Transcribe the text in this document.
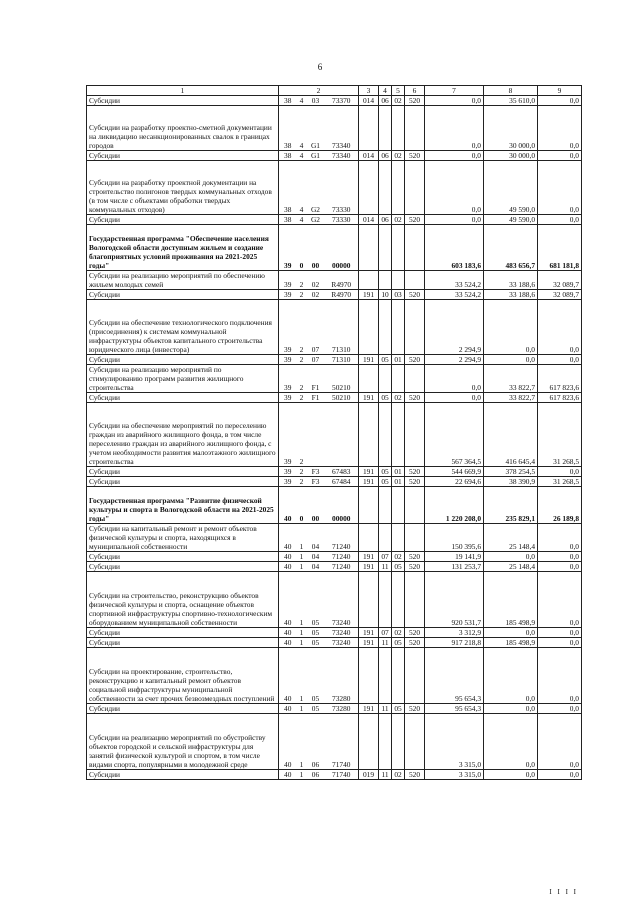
6
1	2				3	4	5	6	7	8	9
Субсидии	38	4	03	73370	014	06	02	520	0,0	35 610,0	0,0
Субсидии на разработку проектно-сметной документации на ликвидацию несанкционированных свалок в границах городов	38	4	G1	73340					0,0	30 000,0	0,0
Субсидии	38	4	G1	73340	014	06	02	520	0,0	30 000,0	0,0
Субсидии на разработку проектной документации на строительство полигонов твердых коммунальных отходов (в том числе с объектами обработки твердых коммунальных отходов)	38	4	G2	73330					0,0	49 590,0	0,0
Субсидии	38	4	G2	73330	014	06	02	520	0,0	49 590,0	0,0
Государственная программа "Обеспечение населения Вологодской области доступным жильем и создание благоприятных условий проживания на 2021-2025 годы"	39	0	00	00000					603 183,6	483 656,7	681 181,8
Субсидии на реализацию мероприятий по обеспечению жильем молодых семей	39	2	02	R4970					33 524,2	33 188,6	32 089,7
Субсидии	39	2	02	R4970	191	10	03	520	33 524,2	33 188,6	32 089,7
Субсидии на обеспечение технологического подключения (присоединения) к системам коммунальной инфраструктуры объектов капитального строительства юридического лица (инвестора)	39	2	07	71310					2 294,9	0,0	0,0
Субсидии	39	2	07	71310	191	05	01	520	2 294,9	0,0	0,0
Субсидии на реализацию мероприятий по стимулированию программ развития жилищного строительства	39	2	F1	50210					0,0	33 822,7	617 823,6
Субсидии	39	2	F1	50210	191	05	02	520	0,0	33 822,7	617 823,6
Субсидии на обеспечение мероприятий по переселению граждан из аварийного жилищного фонда, в том числе переселению граждан из аварийного жилищного фонда, с учетом необходимости развития малоэтажного жилищного строительства	39	2							567 364,5	416 645,4	31 268,5
Субсидии	39	2	F3	67483	191	05	01	520	544 669,9	378 254,5	0,0
Субсидии	39	2	F3	67484	191	05	01	520	22 694,6	38 390,9	31 268,5
Государственная программа "Развитие физической культуры и спорта в Вологодской области на 2021-2025 годы"	40	0	00	00000					1 220 208,0	235 829,1	26 189,8
Субсидии на капитальный ремонт и ремонт объектов физической культуры и спорта, находящихся в муниципальной собственности	40	1	04	71240					150 395,6	25 148,4	0,0
Субсидии	40	1	04	71240	191	07	02	520	19 141,9	0,0	0,0
Субсидии	40	1	04	71240	191	11	05	520	131 253,7	25 148,4	0,0
Субсидии на строительство, реконструкцию объектов физической культуры и спорта, оснащение объектов спортивной инфраструктуры спортивно-технологическим оборудованием муниципальной собственности	40	1	05	73240					920 531,7	185 498,9	0,0
Субсидии	40	1	05	73240	191	07	02	520	3 312,9	0,0	0,0
Субсидии	40	1	05	73240	191	11	05	520	917 218,8	185 498,9	0,0
Субсидии на проектирование, строительство, реконструкцию и капитальный ремонт объектов социальной инфраструктуры муниципальной собственности за счет прочих безвозмездных поступлений	40	1	05	73280					95 654,3	0,0	0,0
Субсидии	40	1	05	73280	191	11	05	520	95 654,3	0,0	0,0
Субсидии на реализацию мероприятий по обустройству объектов городской и сельской инфраструктуры для занятий физической культурой и спортом, в том числе видами спорта, популярными в молодежной среде	40	1	06	71740					3 315,0	0,0	0,0
Субсидии	40	1	06	71740	019	11	02	520	3 315,0	0,0	0,0
I I I I
